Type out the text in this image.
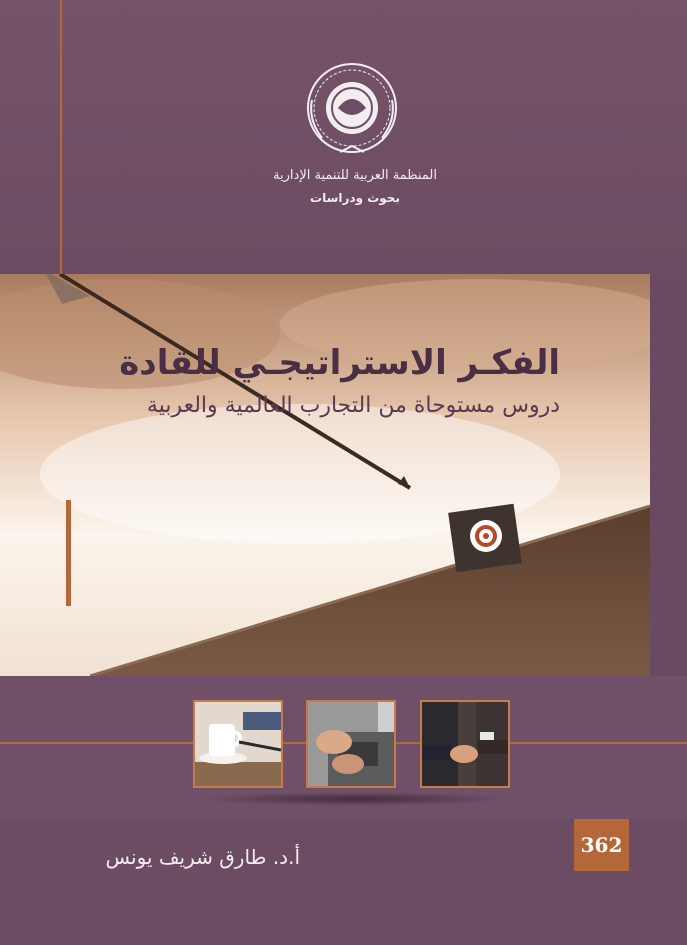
المنظمة العربية للتنمية الإدارية
بحوث ودراسات
الفكـر الاستراتيجـي للقادة
دروس مستوحاة من التجارب العالمية والعربية
أ.د. طارق شريف يونس	362
